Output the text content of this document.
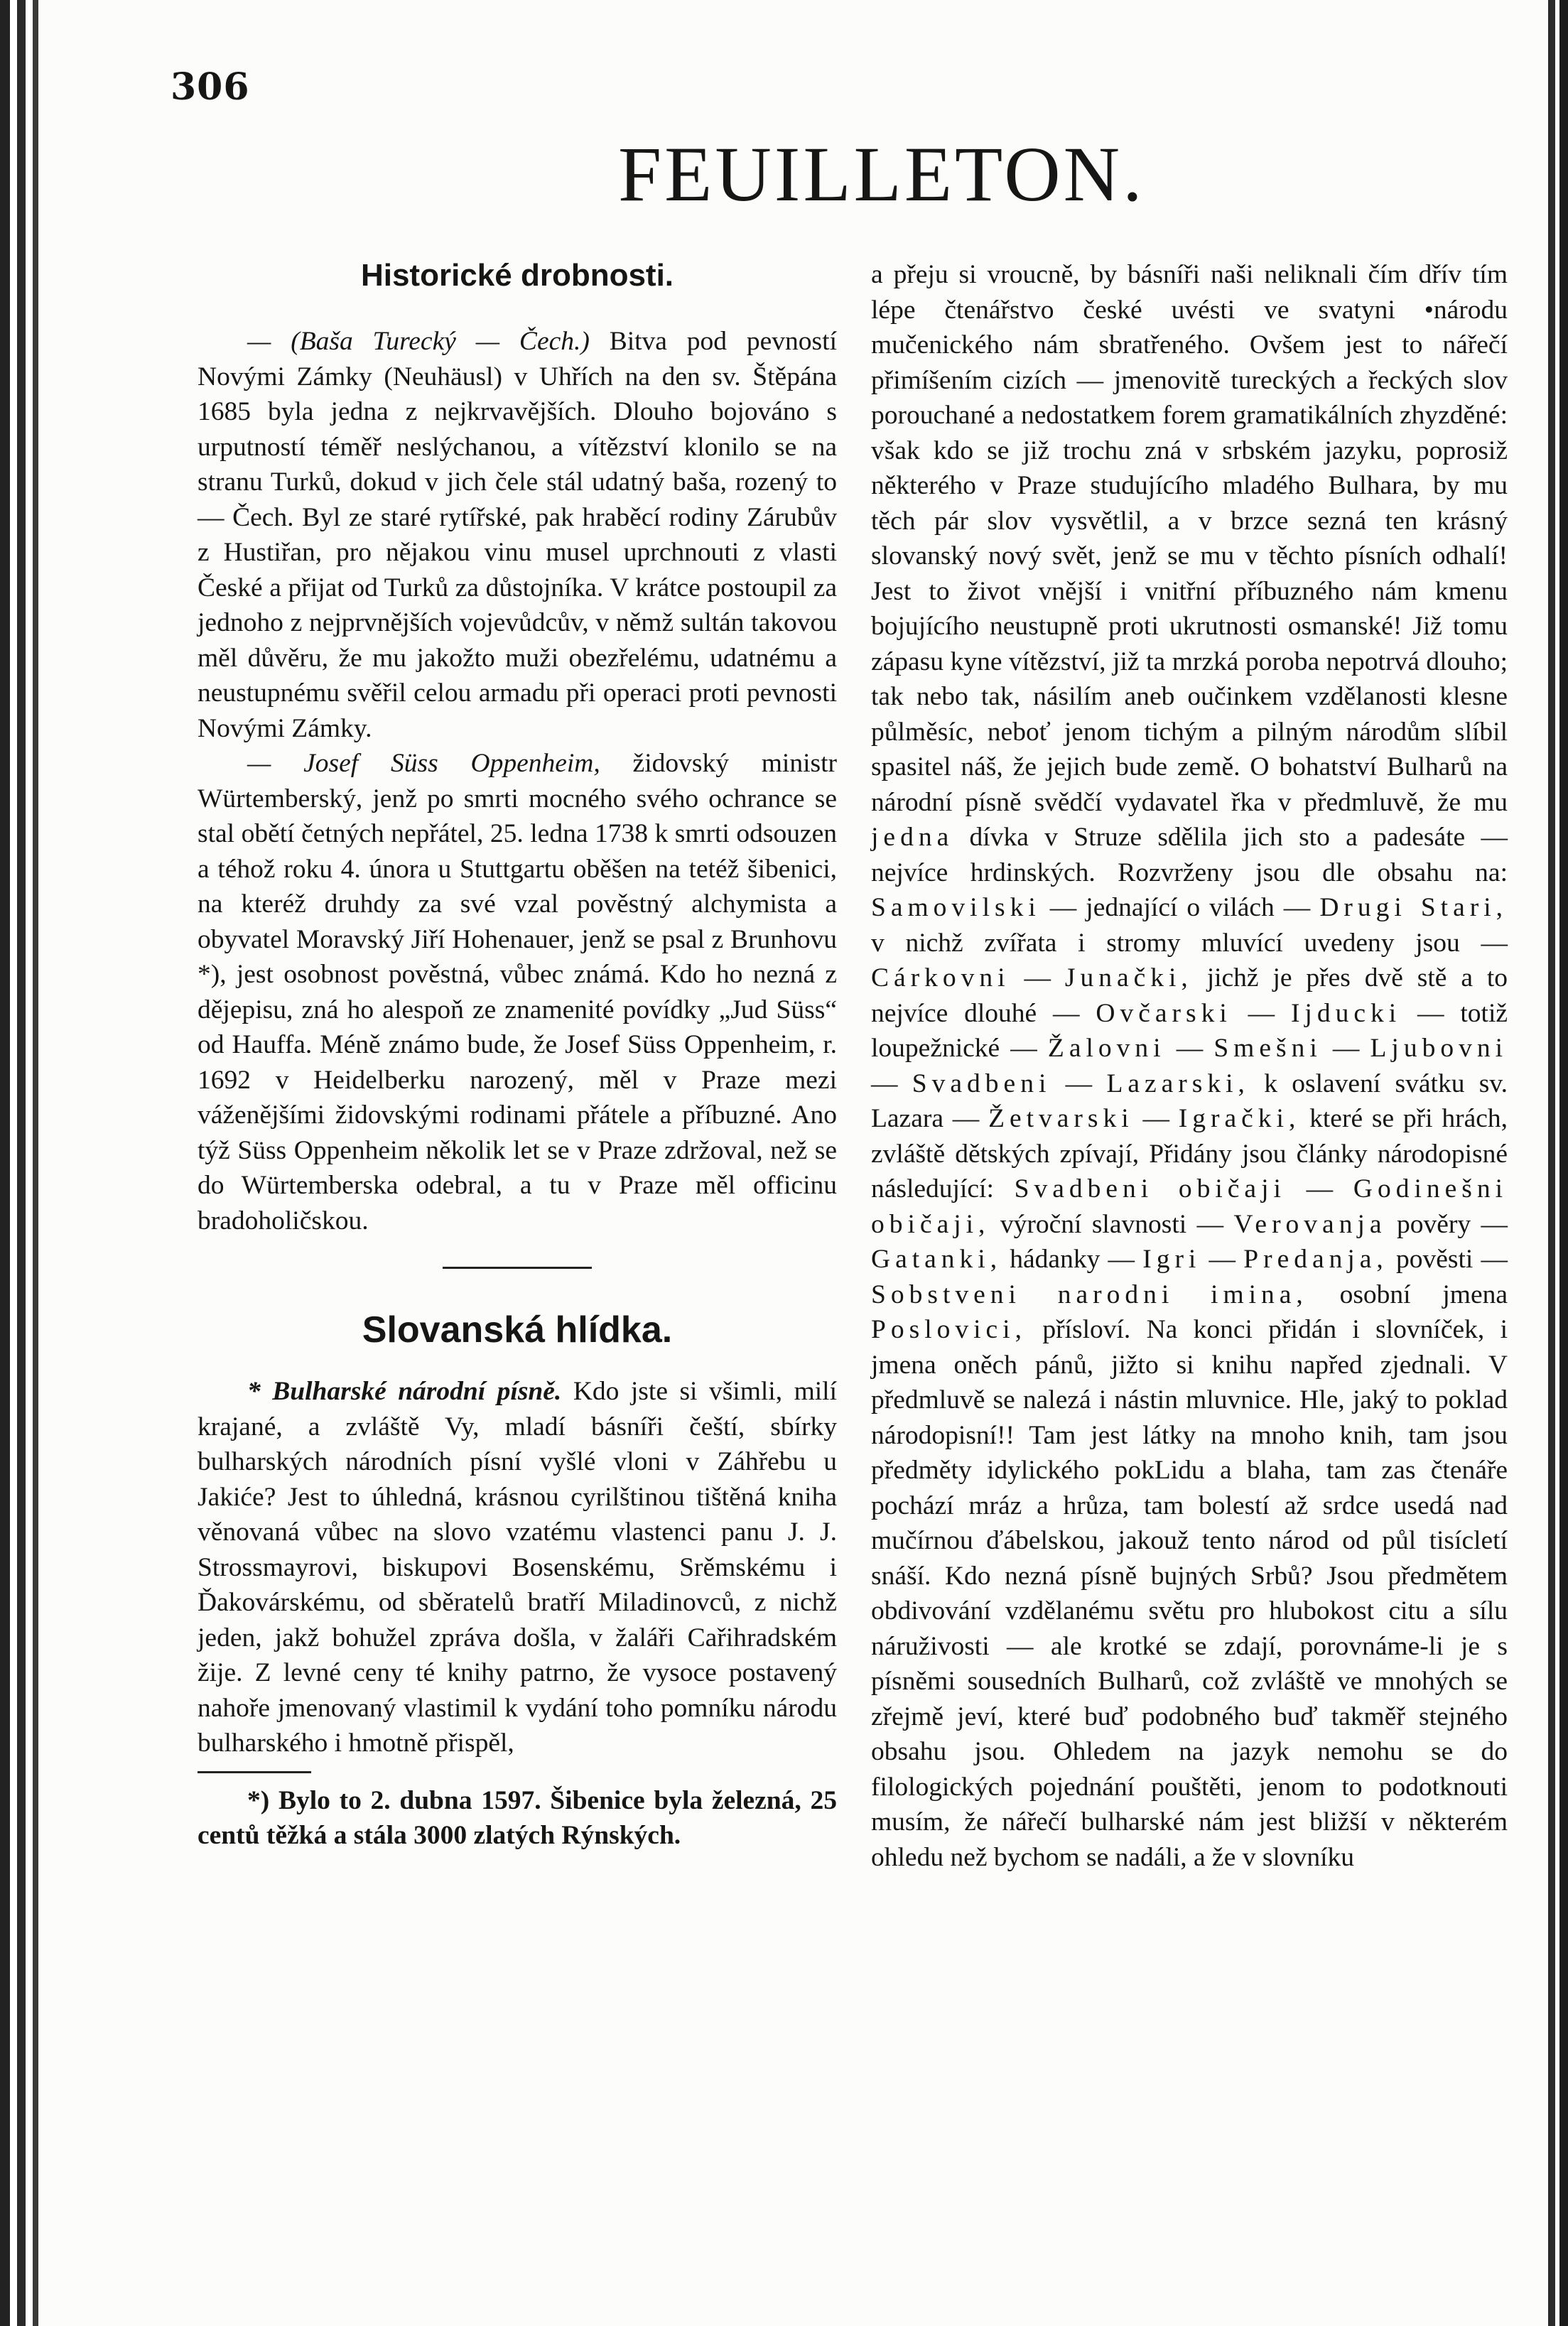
306
FEUILLETON.
Historické drobnosti.

— (Baša Turecký — Čech.) Bitva pod pevností Novými Zámky (Neuhäusl) v Uhřích na den sv. Štěpána 1685 byla jedna z nejkrvavějších. Dlouho bojováno s urputností téměř neslýchanou, a vítězství klonilo se na stranu Turků, dokud v jich čele stál udatný baša, rozený to — Čech. Byl ze staré rytířské, pak hraběcí rodiny Zárubův z Hustiřan, pro nějakou vinu musel uprchnouti z vlasti České a přijat od Turků za důstojníka. V krátce postoupil za jednoho z nejprvnějších vojevůdcův, v němž sultán takovou měl důvěru, že mu jakožto muži obezřelému, udatnému a neustupnému svěřil celou armadu při operaci proti pevnosti Novými Zámky.

— Josef Süss Oppenheim, židovský ministr Würtemberský, jenž po smrti mocného svého ochrance se stal obětí četných nepřátel, 25. ledna 1738 k smrti odsouzen a téhož roku 4. února u Stuttgartu oběšen na tetéž šibenici, na kteréž druhdy za své vzal pověstný alchymista a obyvatel Moravský Jiří Hohenauer, jenž se psal z Brunhovu *), jest osobnost pověstná, vůbec známá. Kdo ho nezná z dějepisu, zná ho alespoň ze znamenité povídky „Jud Süss“ od Hauffa. Méně známo bude, že Josef Süss Oppenheim, r. 1692 v Heidelberku narozený, měl v Praze mezi váženějšími židovskými rodinami přátele a příbuzné. Ano týž Süss Oppenheim několik let se v Praze zdržoval, než se do Würtemberska odebral, a tu v Praze měl officinu bradoholičskou.

Slovanská hlídka.

* Bulharské národní písně. Kdo jste si všimli, milí krajané, a zvláště Vy, mladí básníři čeští, sbírky bulharských národních písní vyšlé vloni v Záhřebu u Jakiće? Jest to úhledná, krásnou cyrilštinou tištěná kniha věnovaná vůbec na slovo vzatému vlastenci panu J. J. Strossmayrovi, biskupovi Bosenskému, Srěmskému i Ďakovárskému, od sběratelů bratří Miladinovců, z nichž jeden, jakž bohužel zpráva došla, v žaláři Cařihradském žije. Z levné ceny té knihy patrno, že vysoce postavený nahoře jmenovaný vlastimil k vydání toho pomníku národu bulharského i hmotně přispěl,

*) Bylo to 2. dubna 1597. Šibenice byla železná, 25 centů těžká a stála 3000 zlatých Rýnských.

a přeju si vroucně, by básníři naši neliknali čím dřív tím lépe čtenářstvo české uvésti ve svatyni •národu mučenického nám sbratřeného. Ovšem jest to nářečí přimíšením cizích — jmenovitě tureckých a řeckých slov porouchané a nedostatkem forem gramatikálních zhyzděné: však kdo se již trochu zná v srbském jazyku, poprosiž některého v Praze studujícího mladého Bulhara, by mu těch pár slov vysvětlil, a v brzce sezná ten krásný slovanský nový svět, jenž se mu v těchto písních odhalí! Jest to život vnější i vnitřní příbuzného nám kmenu bojujícího neustupně proti ukrutnosti osmanské! Již tomu zápasu kyne vítězství, již ta mrzká poroba nepotrvá dlouho; tak nebo tak, násilím aneb oučinkem vzdělanosti klesne půlměsíc, neboť jenom tichým a pilným národům slíbil spasitel náš, že jejich bude země. O bohatství Bulharů na národní písně svědčí vydavatel řka v předmluvě, že mu jedna dívka v Struze sdělila jich sto a padesáte — nejvíce hrdinských. Rozvrženy jsou dle obsahu na: Samovilski — jednající o vilách — Drugi Stari, v nichž zvířata i stromy mluvící uvedeny jsou — Cárkovni — Junački, jichž je přes dvě stě a to nejvíce dlouhé — Ovčarski — Ijducki — totiž loupežnické — Žalovni — Smešni — Ljubovni — Svadbeni — Lazarski, k oslavení svátku sv. Lazara — Žetvarski — Igrački, které se při hrách, zvláště dětských zpívají, Přidány jsou články národopisné následující: Svadbeni običaji — Godinešni običaji, výroční slavnosti — Verovanja pověry — Gatanki, hádanky — Igri — Predanja, pověsti — Sobstveni narodni imina, osobní jmena Poslovici, přísloví. Na konci přidán i slovníček, i jmena oněch pánů, jižto si knihu napřed zjednali. V předmluvě se nalezá i nástin mluvnice. Hle, jaký to poklad národopisní!! Tam jest látky na mnoho knih, tam jsou předměty idylického pokLidu a blaha, tam zas čtenáře pochází mráz a hrůza, tam bolestí až srdce usedá nad mučírnou ďábelskou, jakouž tento národ od půl tisícletí snáší. Kdo nezná písně bujných Srbů? Jsou předmětem obdivování vzdělanému světu pro hlubokost citu a sílu náruživosti — ale krotké se zdají, porovnáme-li je s písněmi sousedních Bulharů, což zvláště ve mnohých se zřejmě jeví, které buď podobného buď takměř stejného obsahu jsou. Ohledem na jazyk nemohu se do filologických pojednání pouštěti, jenom to podotknouti musím, že nářečí bulharské nám jest bližší v některém ohledu než bychom se nadáli, a že v slovníku
